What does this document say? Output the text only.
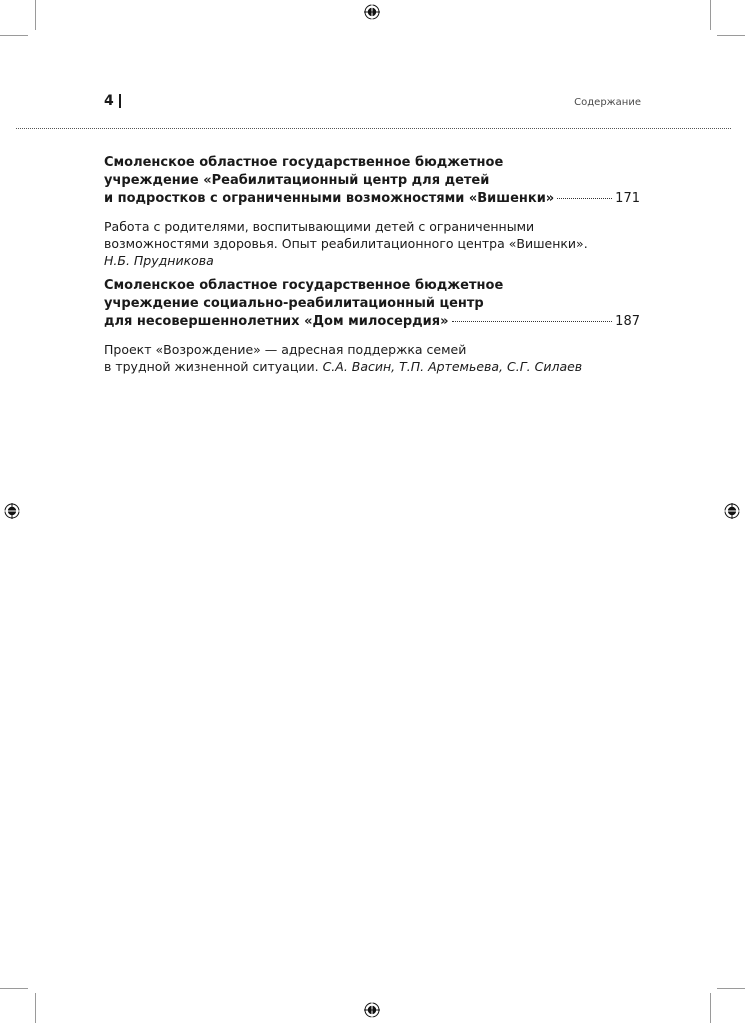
4	Содержание
Смоленское областное государственное бюджетное
учреждение «Реабилитационный центр для детей
и подростков с ограниченными возможностями «Вишенки»	171
Работа с родителями, воспитывающими детей с ограниченными
возможностями здоровья. Опыт реабилитационного центра «Вишенки».
Н.Б. Прудникова
Смоленское областное государственное бюджетное
учреждение социально-реабилитационный центр
для несовершеннолетних «Дом милосердия»	187
Проект «Возрождение» — адресная поддержка семей
в трудной жизненной ситуации. С.А. Васин, Т.П. Артемьева, С.Г. Силаев
